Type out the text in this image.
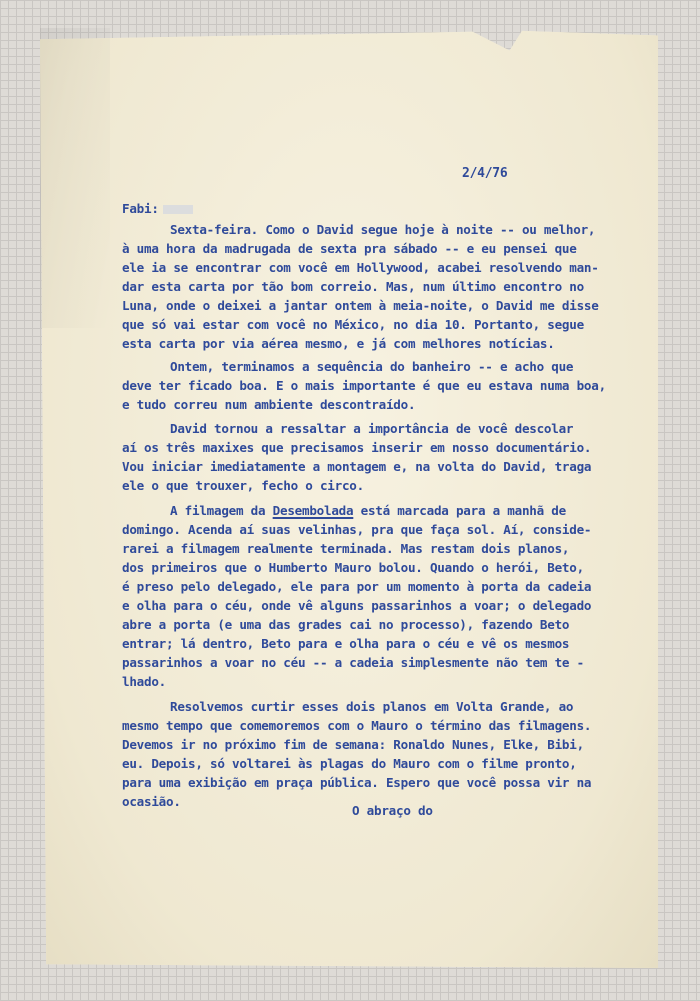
2/4/76
Fabi:
Sexta-feira. Como o David segue hoje à noite -- ou melhor,
à uma hora da madrugada de sexta pra sábado -- e eu pensei que
ele ia se encontrar com você em Hollywood, acabei resolvendo man-
dar esta carta por tão bom correio. Mas, num último encontro no
Luna, onde o deixei a jantar ontem à meia-noite, o David me disse
que só vai estar com você no México, no dia 10. Portanto, segue
esta carta por via aérea mesmo, e já com melhores notícias.
Ontem, terminamos a sequência do banheiro -- e acho que
deve ter ficado boa. E o mais importante é que eu estava numa boa,
e tudo correu num ambiente descontraído.
David tornou a ressaltar a importância de você descolar
aí os três maxixes que precisamos inserir em nosso documentário.
Vou iniciar imediatamente a montagem e, na volta do David, traga
ele o que trouxer, fecho o circo.
A filmagem da Desembolada está marcada para a manhã de
domingo. Acenda aí suas velinhas, pra que faça sol. Aí, conside-
rarei a filmagem realmente terminada. Mas restam dois planos,
dos primeiros que o Humberto Mauro bolou. Quando o herói, Beto,
é preso pelo delegado, ele para por um momento à porta da cadeia
e olha para o céu, onde vê alguns passarinhos a voar; o delegado
abre a porta (e uma das grades cai no processo), fazendo Beto
entrar; lá dentro, Beto para e olha para o céu e vê os mesmos
passarinhos a voar no céu -- a cadeia simplesmente não tem te -
lhado.
Resolvemos curtir esses dois planos em Volta Grande, ao
mesmo tempo que comemoremos com o Mauro o término das filmagens.
Devemos ir no próximo fim de semana: Ronaldo Nunes, Elke, Bibi,
eu. Depois, só voltarei às plagas do Mauro com o filme pronto,
para uma exibição em praça pública. Espero que você possa vir na
ocasião.
O abraço do
